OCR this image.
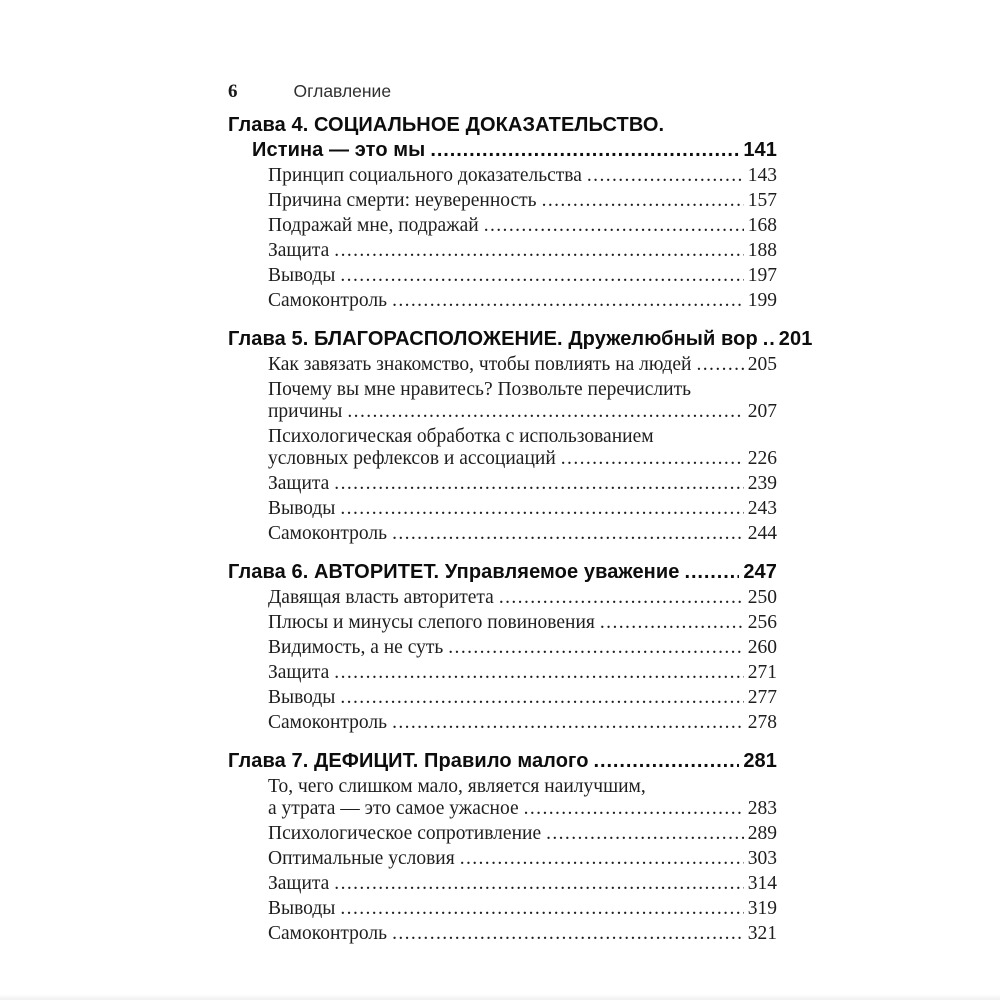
6	Оглавление
Глава 4. СОЦИАЛЬНОЕ ДОКАЗАТЕЛЬСТВО.
Истина — это мы .....	141
Принцип социального доказательства .....	143
Причина смерти: неуверенность .....	157
Подражай мне, подражай .....	168
Защита .....	188
Выводы .....	197
Самоконтроль .....	199
Глава 5. БЛАГОРАСПОЛОЖЕНИЕ. Дружелюбный вор ..... 201
Как завязать знакомство, чтобы повлиять на людей .....	205
Почему вы мне нравитесь? Позвольте перечислить
причины .....	207
Психологическая обработка с использованием
условных рефлексов и ассоциаций .....	226
Защита .....	239
Выводы .....	243
Самоконтроль .....	244
Глава 6. АВТОРИТЕТ. Управляемое уважение .....	247
Давящая власть авторитета .....	250
Плюсы и минусы слепого повиновения .....	256
Видимость, а не суть .....	260
Защита .....	271
Выводы .....	277
Самоконтроль .....	278
Глава 7. ДЕФИЦИТ. Правило малого .....	281
То, чего слишком мало, является наилучшим,
а утрата — это самое ужасное .....	283
Психологическое сопротивление .....	289
Оптимальные условия .....	303
Защита .....	314
Выводы .....	319
Самоконтроль .....	321
